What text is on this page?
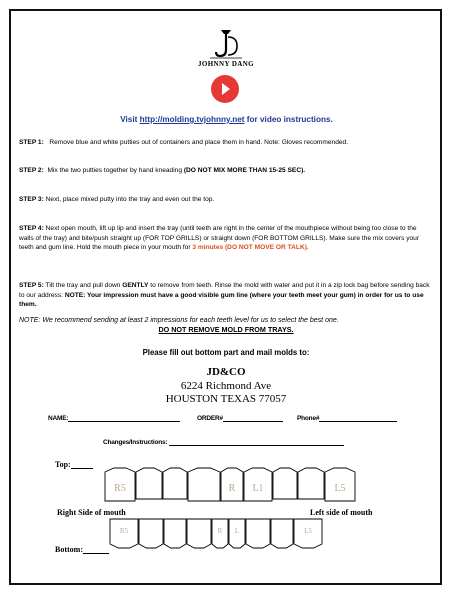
JOHNNY DANG
Visit http://molding.tvjohnny.net for video instructions.
STEP 1: Remove blue and white putties out of containers and place them in hand. Note: Gloves recommended.
STEP 2: Mix the two putties together by hand kneading (DO NOT MIX MORE THAN 15-25 SEC).
STEP 3: Next, place mixed putty into the tray and even out the top.
STEP 4: Next open mouth, lift up lip and insert the tray (until teeth are right in the center of the mouthpiece without being too close to the walls of the tray) and bite/push straight up (FOR TOP GRILLS) or straight down (FOR BOTTOM GRILLS). Make sure the mix covers your teeth and gum line. Hold the mouth piece in your mouth for 3 minutes (DO NOT MOVE OR TALK).
STEP 5: Tilt the tray and pull down GENTLY to remove from teeth. Rinse the mold with water and put it in a zip lock bag before sending back to our address: NOTE: Your impression must have a good visible gum line (where your teeth meet your gum) in order for us to use them.
NOTE: We recommend sending at least 2 impressions for each teeth level for us to select the best one.
DO NOT REMOVE MOLD FROM TRAYS.
Please fill out bottom part and mail molds to:
JD&CO
6224 Richmond Ave
HOUSTON TEXAS 77057
NAME:	ORDER#	Phone#
Changes/Instructions:
Top:
R5	R L1	L5
Right Side of mouth	Left side of mouth
R5	R L	L5
Bottom:
